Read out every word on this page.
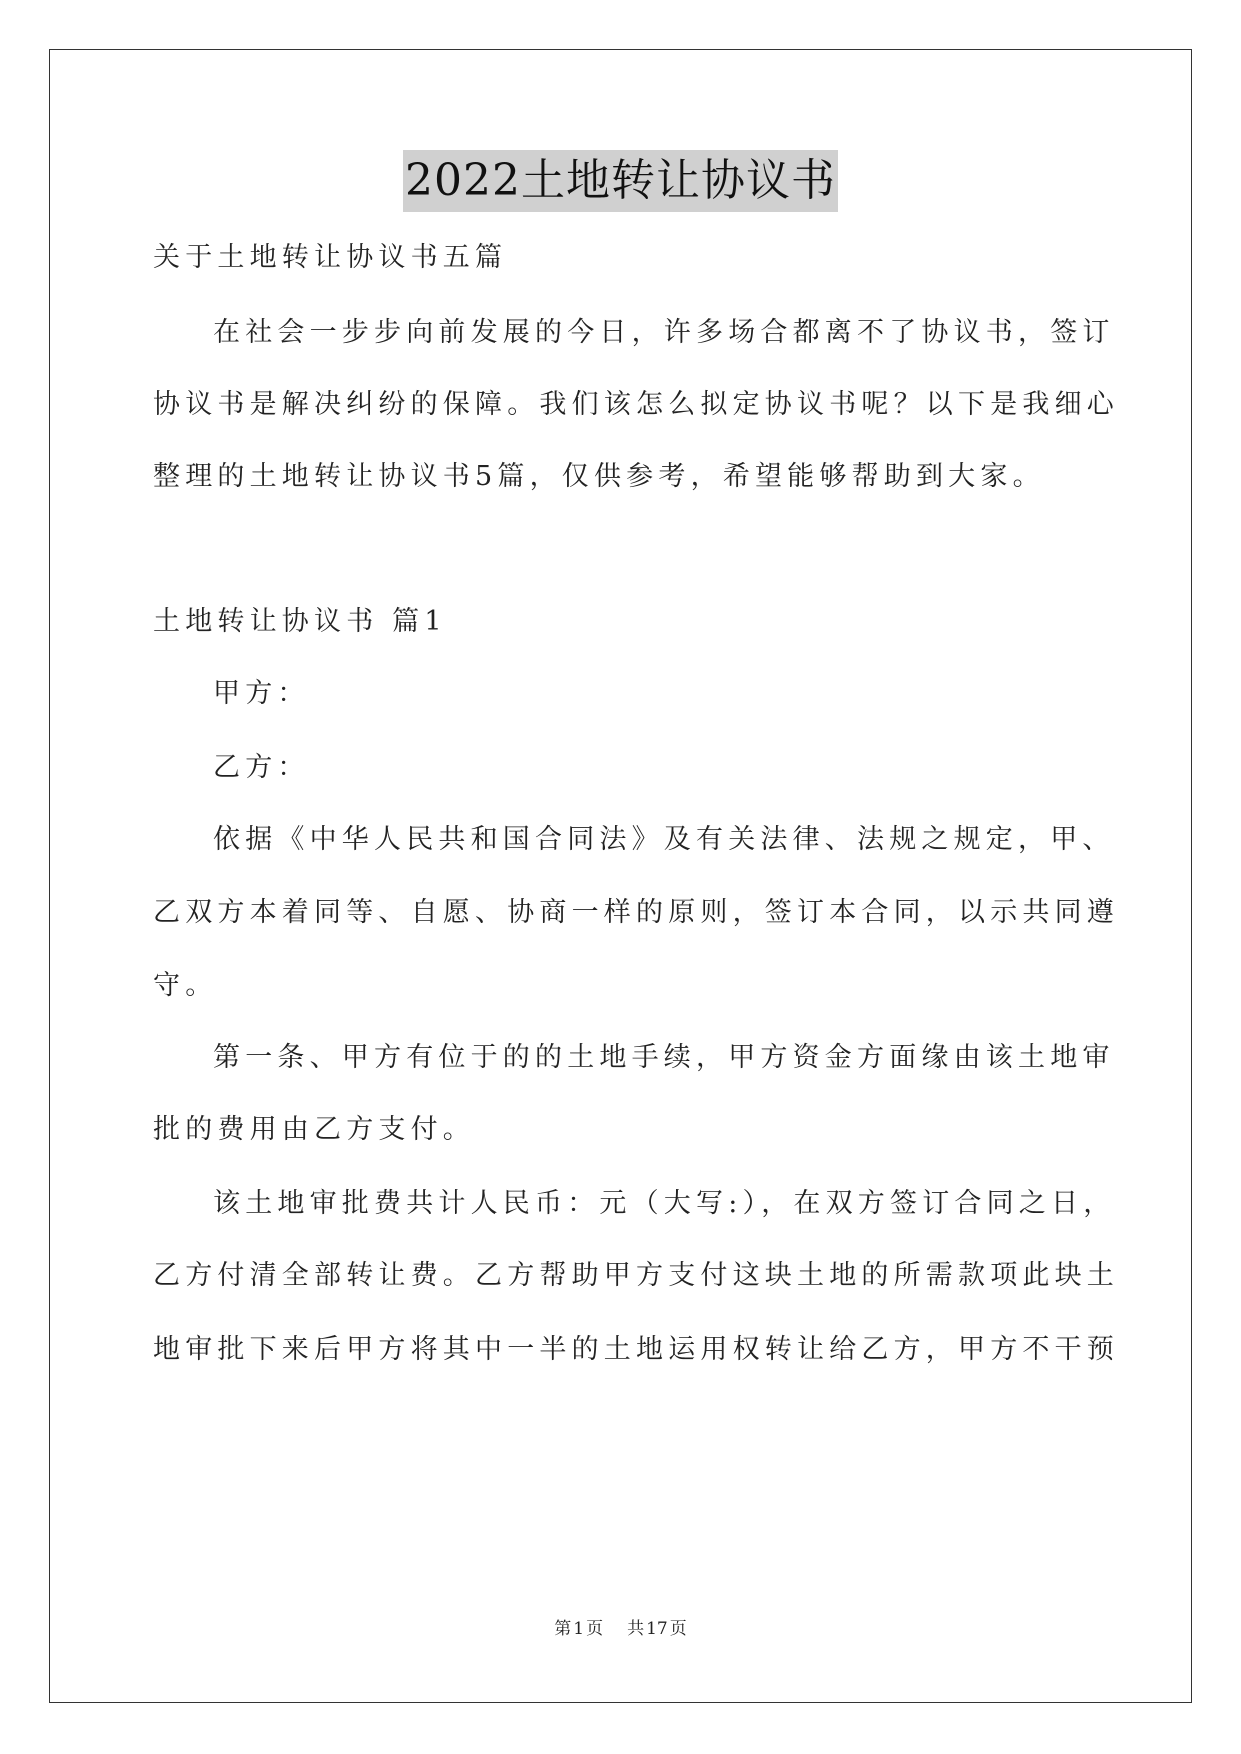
2022土地转让协议书
关于土地转让协议书五篇
在社会一步步向前发展的今日，许多场合都离不了协议书，签订
协议书是解决纠纷的保障。我们该怎么拟定协议书呢？以下是我细心
整理的土地转让协议书5篇，仅供参考，希望能够帮助到大家。
土地转让协议书 篇1
甲方：
乙方：
依据《中华人民共和国合同法》及有关法律、法规之规定，甲、
乙双方本着同等、自愿、协商一样的原则，签订本合同，以示共同遵
守。
第一条、甲方有位于的的土地手续，甲方资金方面缘由该土地审
批的费用由乙方支付。
该土地审批费共计人民币：元（大写:），在双方签订合同之日，
乙方付清全部转让费。乙方帮助甲方支付这块土地的所需款项此块土
地审批下来后甲方将其中一半的土地运用权转让给乙方，甲方不干预
第 1 页 共 17 页
